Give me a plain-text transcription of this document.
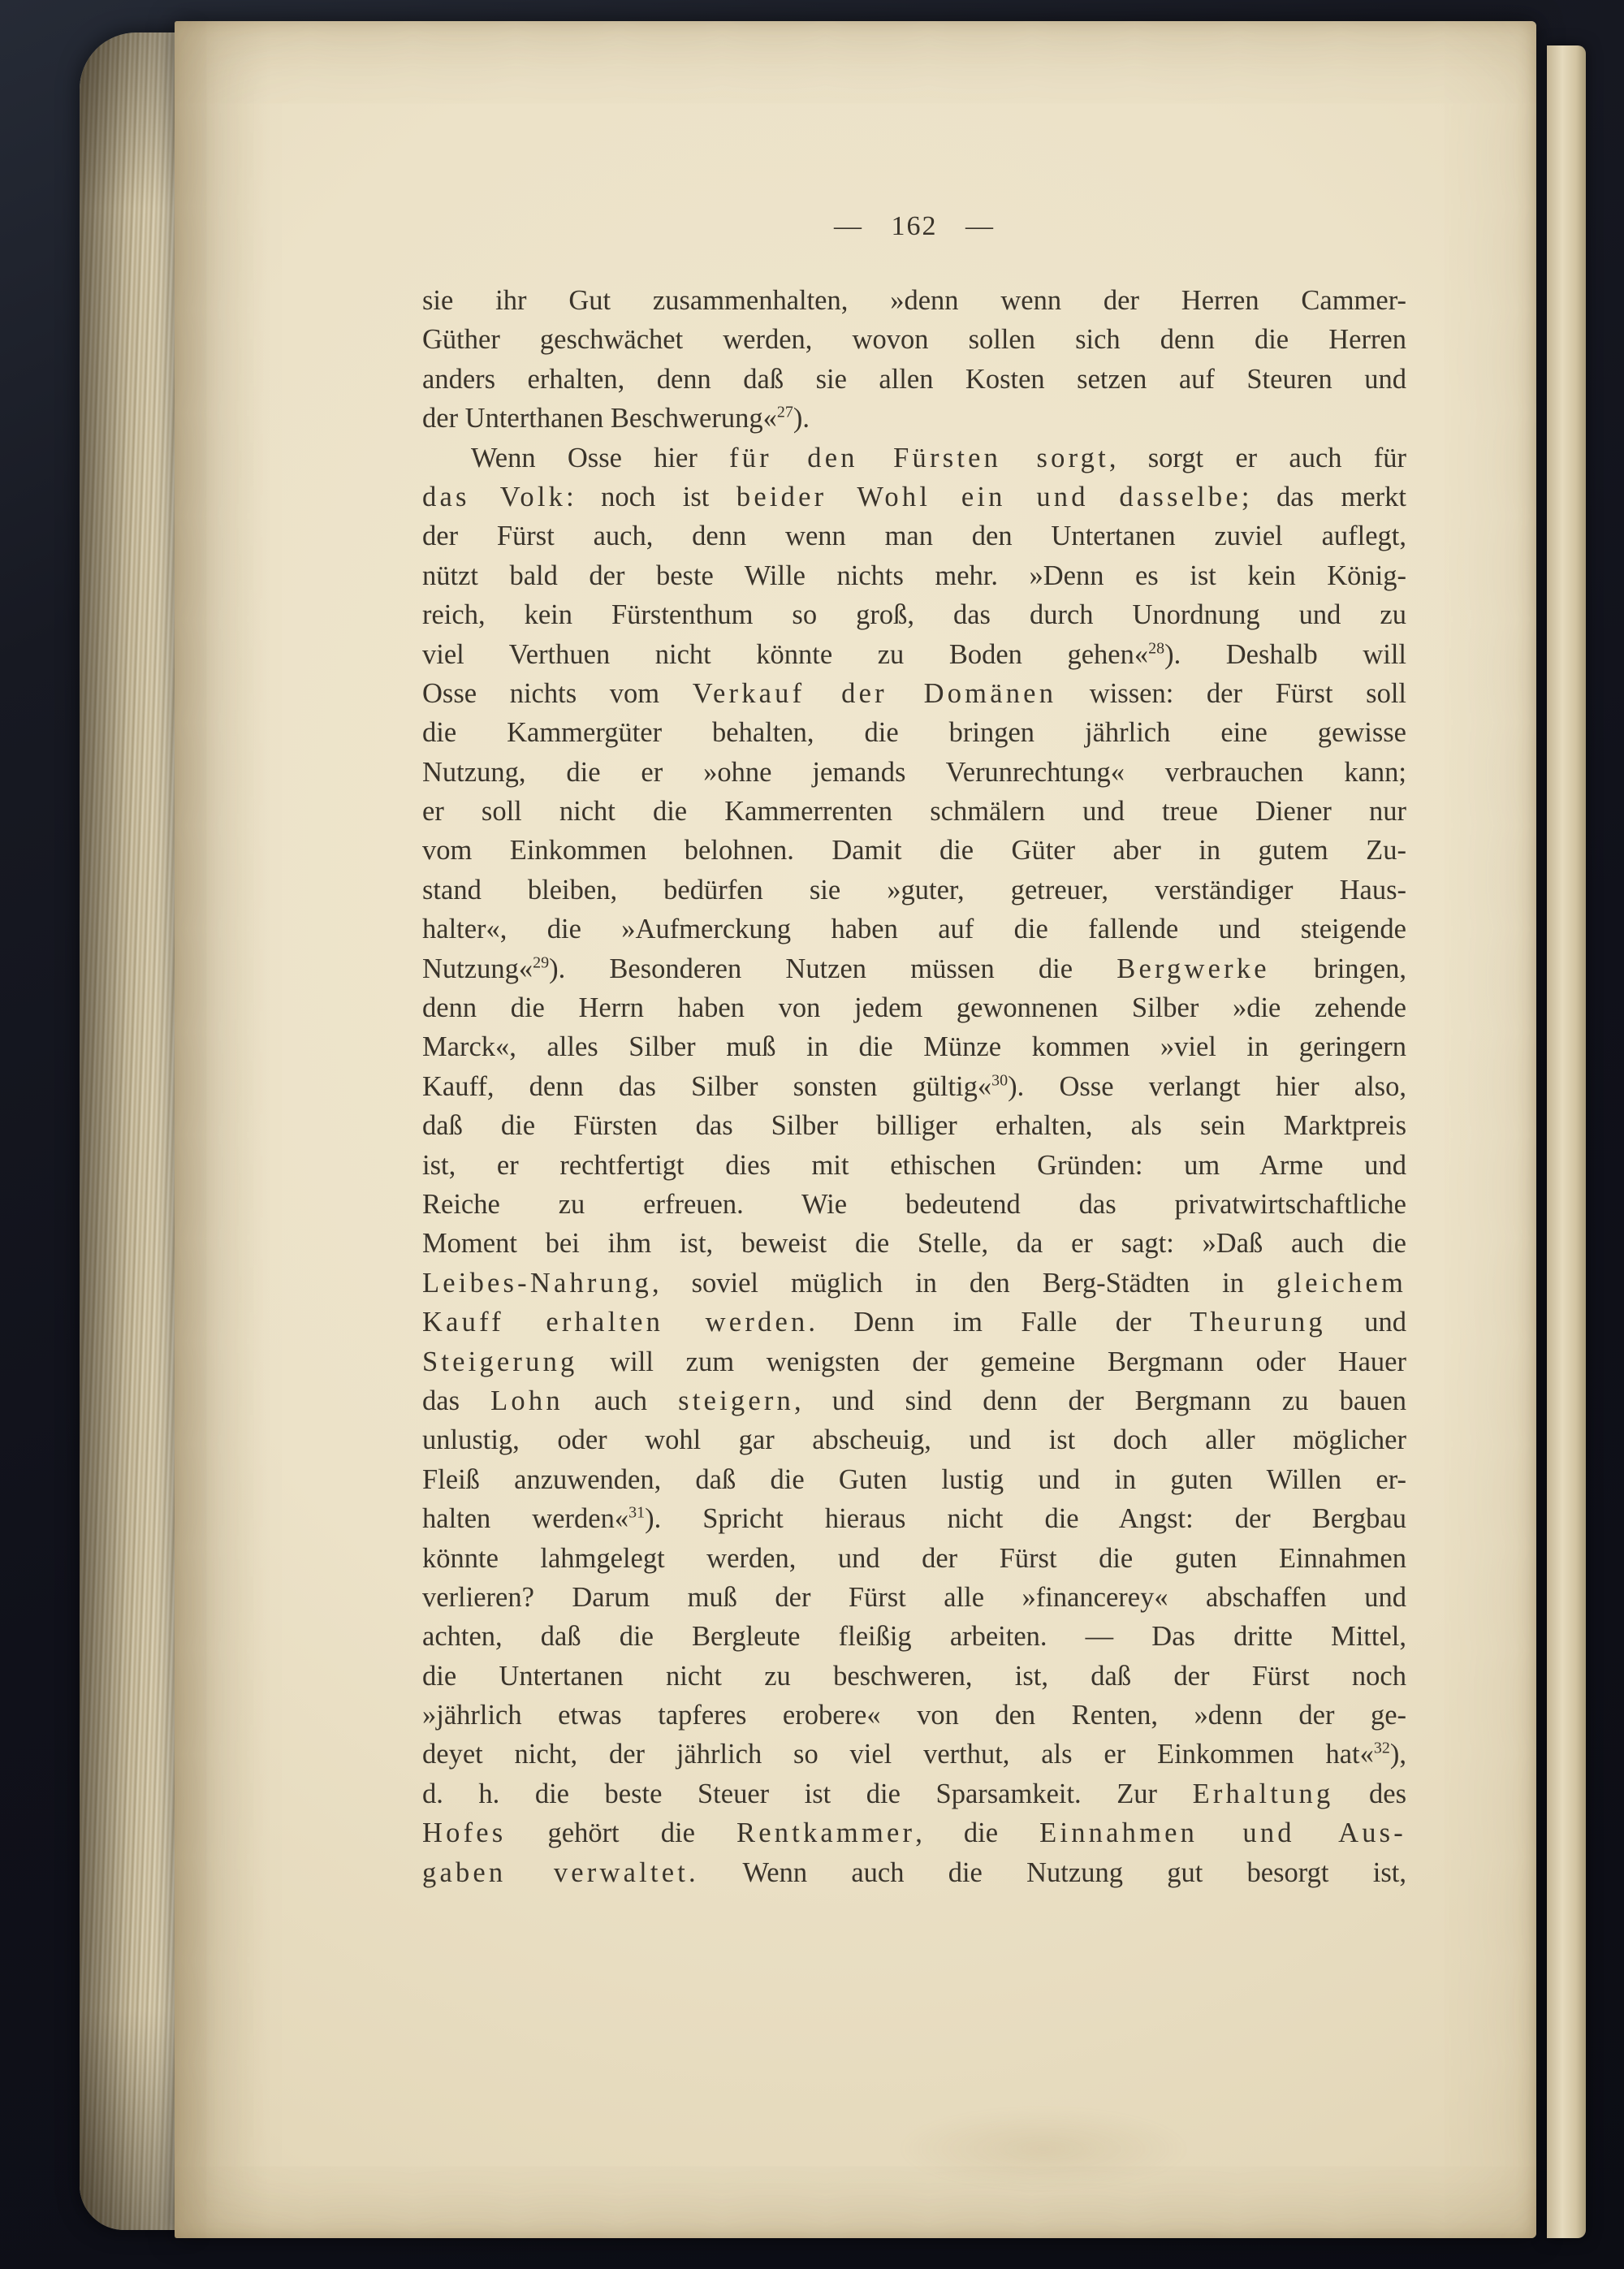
— 162 —
sie ihr Gut zusammenhalten, »denn wenn der Herren Cammer-
Güther geschwächet werden, wovon sollen sich denn die Herren
anders erhalten, denn daß sie allen Kosten setzen auf Steuren und
der Unterthanen Beschwerung«$^{27}$).
Wenn Osse hier für den Fürsten sorgt, sorgt er auch für
das Volk: noch ist beider Wohl ein und dasselbe; das merkt
der Fürst auch, denn wenn man den Untertanen zuviel auflegt,
nützt bald der beste Wille nichts mehr. »Denn es ist kein König-
reich, kein Fürstenthum so groß, das durch Unordnung und zu
viel Verthuen nicht könnte zu Boden gehen«$^{28}$). Deshalb will
Osse nichts vom Verkauf der Domänen wissen: der Fürst soll
die Kammergüter behalten, die bringen jährlich eine gewisse
Nutzung, die er »ohne jemands Verunrechtung« verbrauchen kann;
er soll nicht die Kammerrenten schmälern und treue Diener nur
vom Einkommen belohnen. Damit die Güter aber in gutem Zu-
stand bleiben, bedürfen sie »guter, getreuer, verständiger Haus-
halter«, die »Aufmerckung haben auf die fallende und steigende
Nutzung«$^{29}$). Besonderen Nutzen müssen die Bergwerke bringen,
denn die Herrn haben von jedem gewonnenen Silber »die zehende
Marck«, alles Silber muß in die Münze kommen »viel in geringern
Kauff, denn das Silber sonsten gültig«$^{30}$). Osse verlangt hier also,
daß die Fürsten das Silber billiger erhalten, als sein Marktpreis
ist, er rechtfertigt dies mit ethischen Gründen: um Arme und
Reiche zu erfreuen. Wie bedeutend das privatwirtschaftliche
Moment bei ihm ist, beweist die Stelle, da er sagt: »Daß auch die
Leibes-Nahrung, soviel müglich in den Berg-Städten in gleichem
Kauff erhalten werden. Denn im Falle der Theurung und
Steigerung will zum wenigsten der gemeine Bergmann oder Hauer
das Lohn auch steigern, und sind denn der Bergmann zu bauen
unlustig, oder wohl gar abscheuig, und ist doch aller möglicher
Fleiß anzuwenden, daß die Guten lustig und in guten Willen er-
halten werden«$^{31}$). Spricht hieraus nicht die Angst: der Bergbau
könnte lahmgelegt werden, und der Fürst die guten Einnahmen
verlieren? Darum muß der Fürst alle »financerey« abschaffen und
achten, daß die Bergleute fleißig arbeiten. — Das dritte Mittel,
die Untertanen nicht zu beschweren, ist, daß der Fürst noch
»jährlich etwas tapferes erobere« von den Renten, »denn der ge-
deyet nicht, der jährlich so viel verthut, als er Einkommen hat«$^{32}$),
d. h. die beste Steuer ist die Sparsamkeit. Zur Erhaltung des
Hofes gehört die Rentkammer, die Einnahmen und Aus-
gaben verwaltet. Wenn auch die Nutzung gut besorgt ist,
